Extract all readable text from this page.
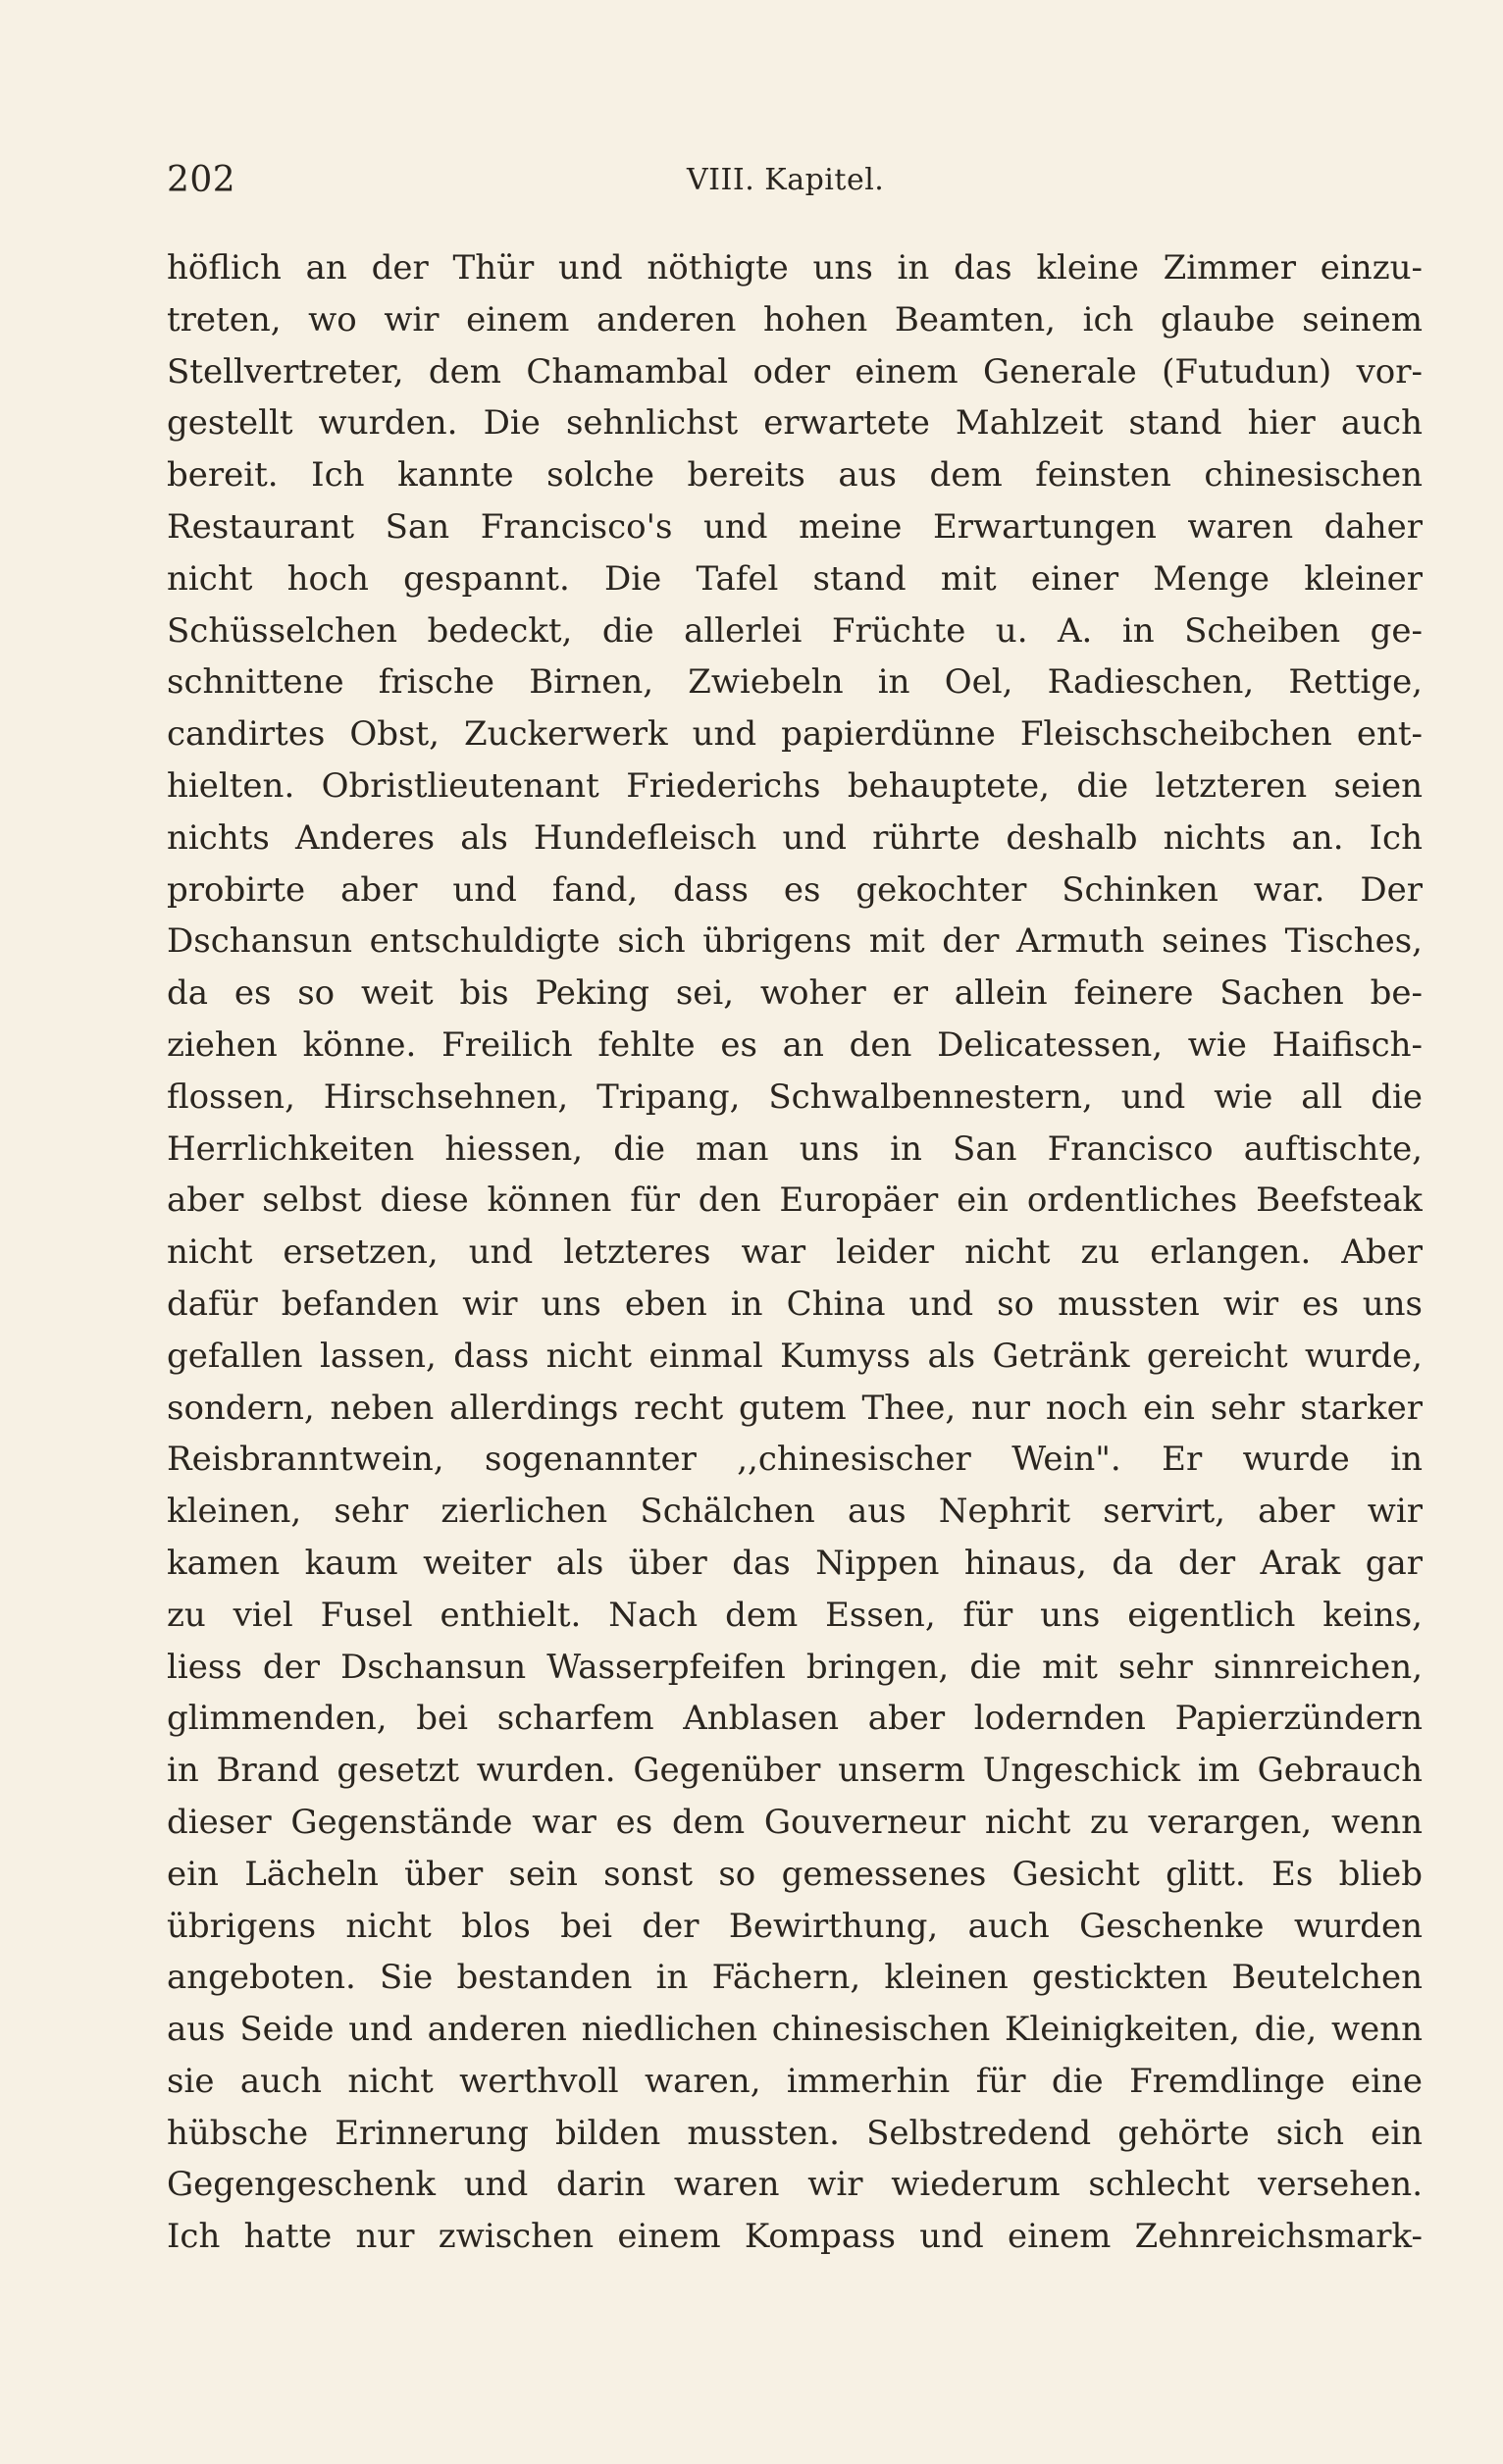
202	VIII. Kapitel.
höflich an der Thür und nöthigte uns in das kleine Zimmer einzu-
treten, wo wir einem anderen hohen Beamten, ich glaube seinem
Stellvertreter, dem Chamambal oder einem Generale (Futudun) vor-
gestellt wurden. Die sehnlichst erwartete Mahlzeit stand hier auch
bereit. Ich kannte solche bereits aus dem feinsten chinesischen
Restaurant San Francisco's und meine Erwartungen waren daher
nicht hoch gespannt. Die Tafel stand mit einer Menge kleiner
Schüsselchen bedeckt, die allerlei Früchte u. A. in Scheiben ge-
schnittene frische Birnen, Zwiebeln in Oel, Radieschen, Rettige,
candirtes Obst, Zuckerwerk und papierdünne Fleischscheibchen ent-
hielten. Obristlieutenant Friederichs behauptete, die letzteren seien
nichts Anderes als Hundefleisch und rührte deshalb nichts an. Ich
probirte aber und fand, dass es gekochter Schinken war. Der
Dschansun entschuldigte sich übrigens mit der Armuth seines Tisches,
da es so weit bis Peking sei, woher er allein feinere Sachen be-
ziehen könne. Freilich fehlte es an den Delicatessen, wie Haifisch-
flossen, Hirschsehnen, Tripang, Schwalbennestern, und wie all die
Herrlichkeiten hiessen, die man uns in San Francisco auftischte,
aber selbst diese können für den Europäer ein ordentliches Beefsteak
nicht ersetzen, und letzteres war leider nicht zu erlangen. Aber
dafür befanden wir uns eben in China und so mussten wir es uns
gefallen lassen, dass nicht einmal Kumyss als Getränk gereicht wurde,
sondern, neben allerdings recht gutem Thee, nur noch ein sehr starker
Reisbranntwein, sogenannter ,,chinesischer Wein". Er wurde in
kleinen, sehr zierlichen Schälchen aus Nephrit servirt, aber wir
kamen kaum weiter als über das Nippen hinaus, da der Arak gar
zu viel Fusel enthielt. Nach dem Essen, für uns eigentlich keins,
liess der Dschansun Wasserpfeifen bringen, die mit sehr sinnreichen,
glimmenden, bei scharfem Anblasen aber lodernden Papierzündern
in Brand gesetzt wurden. Gegenüber unserm Ungeschick im Gebrauch
dieser Gegenstände war es dem Gouverneur nicht zu verargen, wenn
ein Lächeln über sein sonst so gemessenes Gesicht glitt. Es blieb
übrigens nicht blos bei der Bewirthung, auch Geschenke wurden
angeboten. Sie bestanden in Fächern, kleinen gestickten Beutelchen
aus Seide und anderen niedlichen chinesischen Kleinigkeiten, die, wenn
sie auch nicht werthvoll waren, immerhin für die Fremdlinge eine
hübsche Erinnerung bilden mussten. Selbstredend gehörte sich ein
Gegengeschenk und darin waren wir wiederum schlecht versehen.
Ich hatte nur zwischen einem Kompass und einem Zehnreichsmark-
